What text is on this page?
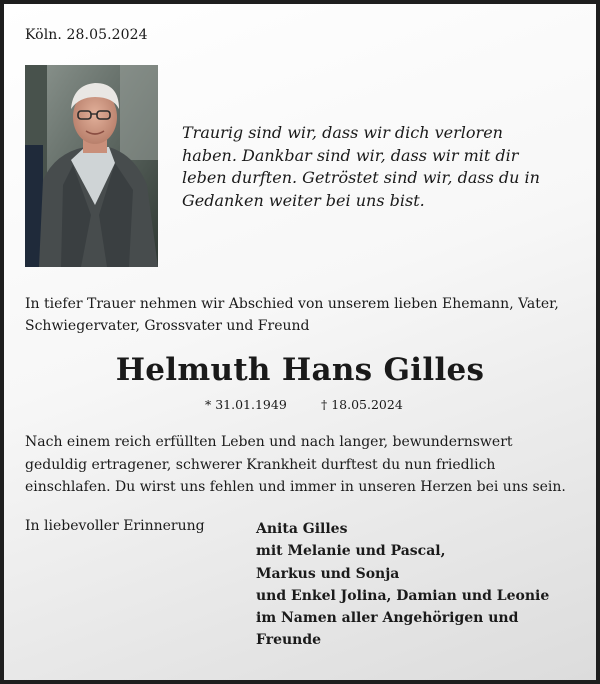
Köln. 28.05.2024
Traurig sind wir, dass wir dich verloren
haben. Dankbar sind wir, dass wir mit dir
leben durften. Getröstet sind wir, dass du in
Gedanken weiter bei uns bist.
In tiefer Trauer nehmen wir Abschied von unserem lieben Ehemann, Vater,
Schwiegervater, Grossvater und Freund
Helmuth Hans Gilles
* 31.01.1949	† 18.05.2024
Nach einem reich erfüllten Leben und nach langer, bewundernswert
geduldig ertragener, schwerer Krankheit durftest du nun friedlich
einschlafen. Du wirst uns fehlen und immer in unseren Herzen bei uns sein.
In liebevoller Erinnerung	Anita Gilles
mit Melanie und Pascal,
Markus und Sonja
und Enkel Jolina, Damian und Leonie
im Namen aller Angehörigen und
Freunde
